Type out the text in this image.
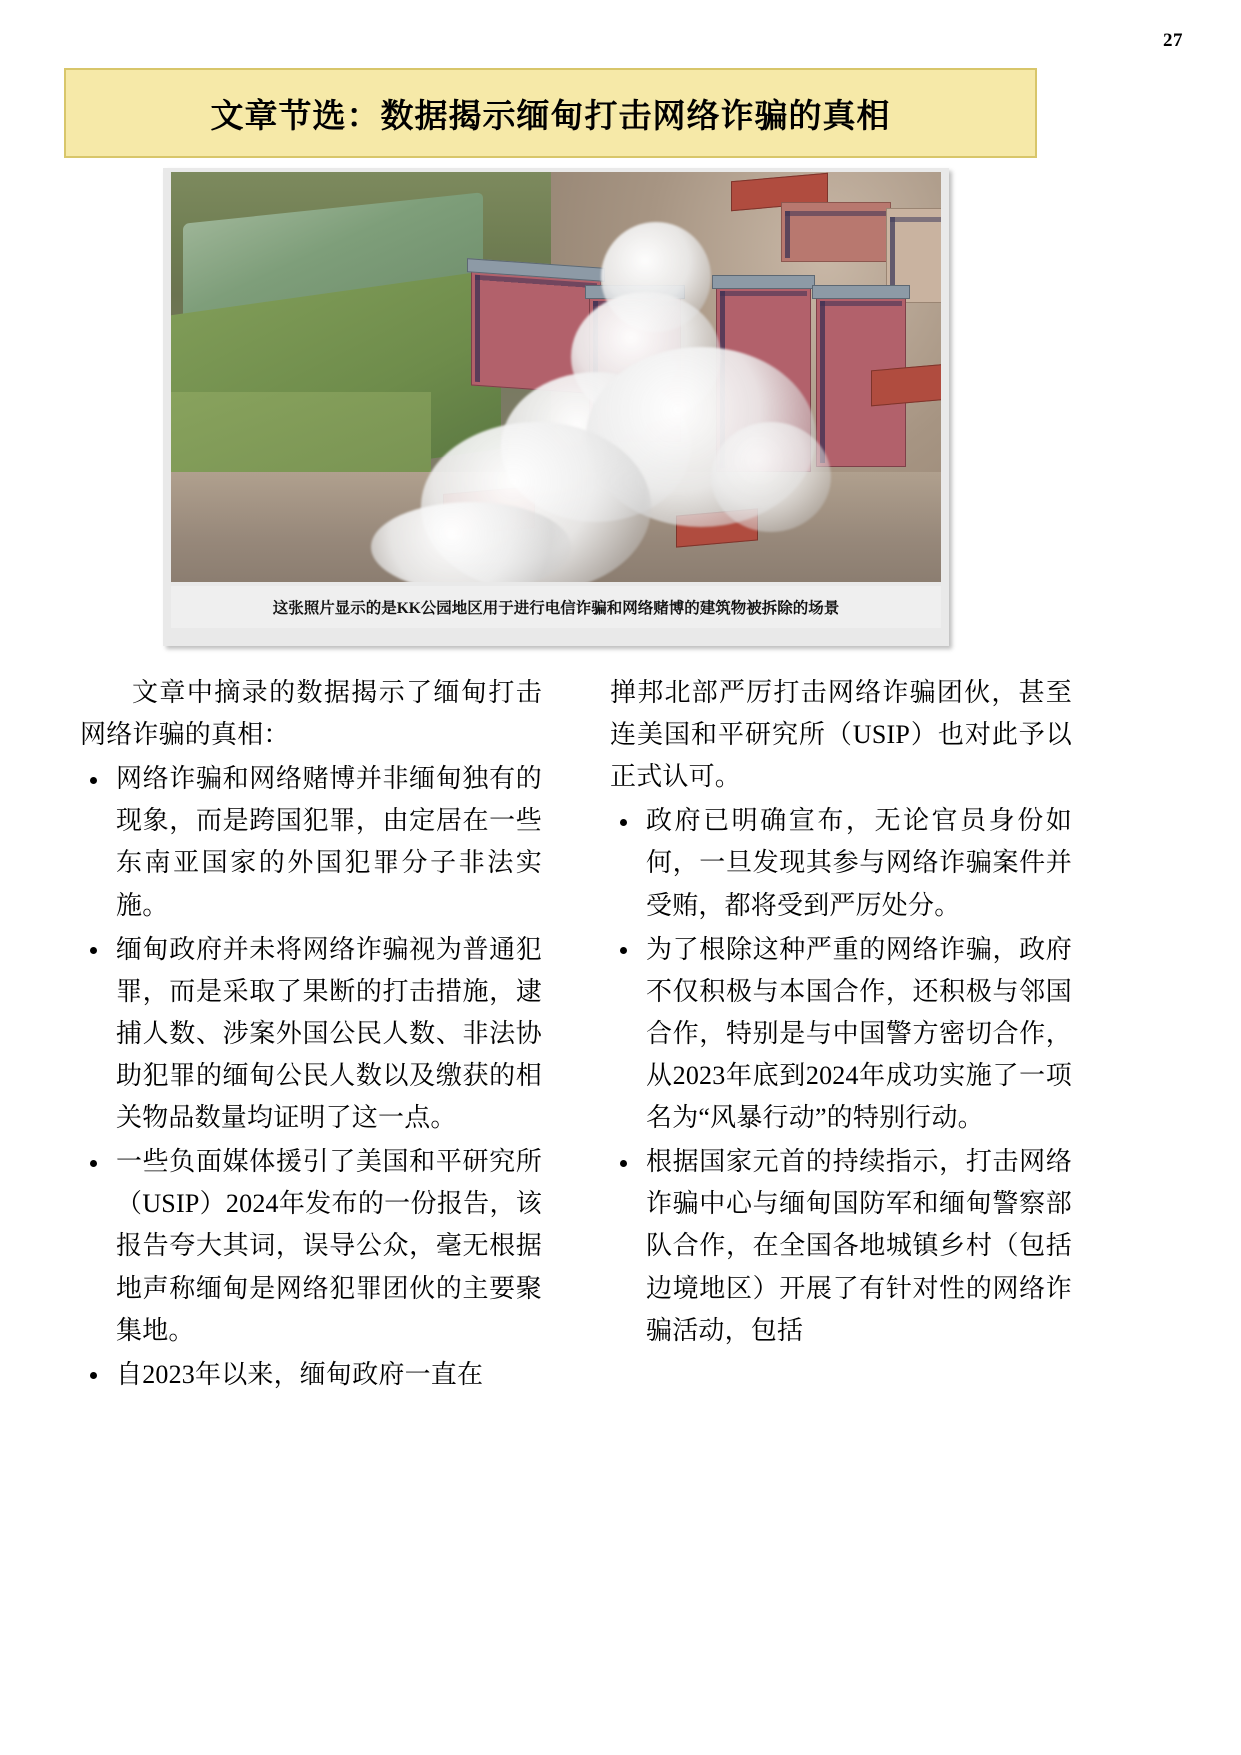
27
文章节选：数据揭示缅甸打击网络诈骗的真相
这张照片显示的是KK公园地区用于进行电信诈骗和网络赌博的建筑物被拆除的场景

文章中摘录的数据揭示了缅甸打击网络诈骗的真相：

网络诈骗和网络赌博并非缅甸独有的现象，而是跨国犯罪，由定居在一些东南亚国家的外国犯罪分子非法实施。
缅甸政府并未将网络诈骗视为普通犯罪，而是采取了果断的打击措施，逮捕人数、涉案外国公民人数、非法协助犯罪的缅甸公民人数以及缴获的相关物品数量均证明了这一点。
一些负面媒体援引了美国和平研究所（USIP）2024年发布的一份报告，该报告夸大其词，误导公众，毫无根据地声称缅甸是网络犯罪团伙的主要聚集地。
自2023年以来，缅甸政府一直在
掸邦北部严厉打击网络诈骗团伙，甚至连美国和平研究所（USIP）也对此予以正式认可。
政府已明确宣布，无论官员身份如何，一旦发现其参与网络诈骗案件并受贿，都将受到严厉处分。
为了根除这种严重的网络诈骗，政府不仅积极与本国合作，还积极与邻国合作，特别是与中国警方密切合作，从2023年底到2024年成功实施了一项名为“风暴行动”的特别行动。
根据国家元首的持续指示，打击网络诈骗中心与缅甸国防军和缅甸警察部队合作，在全国各地城镇乡村（包括边境地区）开展了有针对性的网络诈骗活动，包括
